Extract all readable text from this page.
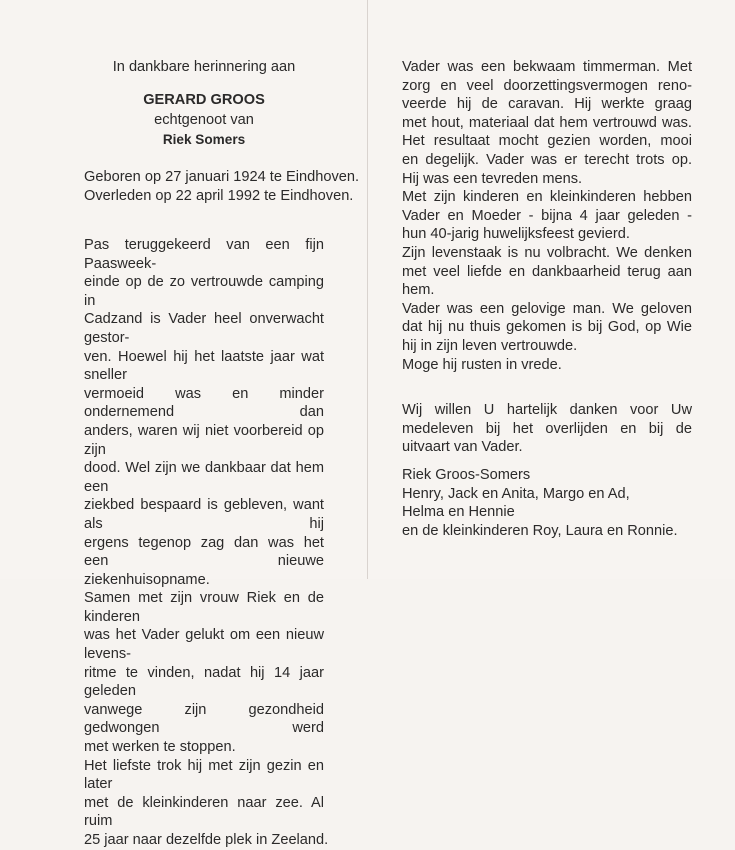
In dankbare herinnering aan
GERARD GROOS
echtgenoot van
Riek Somers
Geboren op 27 januari 1924 te Eindhoven.
Overleden op 22 april 1992 te Eindhoven.
Pas teruggekeerd van een fijn Paasweek-
einde op de zo vertrouwde camping in
Cadzand is Vader heel onverwacht gestor-
ven. Hoewel hij het laatste jaar wat sneller
vermoeid was en minder ondernemend dan
anders, waren wij niet voorbereid op zijn
dood. Wel zijn we dankbaar dat hem een
ziekbed bespaard is gebleven, want als hij
ergens tegenop zag dan was het een nieuwe
ziekenhuisopname.
Samen met zijn vrouw Riek en de kinderen
was het Vader gelukt om een nieuw levens-
ritme te vinden, nadat hij 14 jaar geleden
vanwege zijn gezondheid gedwongen werd
met werken te stoppen.
Het liefste trok hij met zijn gezin en later
met de kleinkinderen naar zee. Al ruim
25 jaar naar dezelfde plek in Zeeland.
Vader was een bekwaam timmerman. Met
zorg en veel doorzettingsvermogen reno-
veerde hij de caravan. Hij werkte graag
met hout, materiaal dat hem vertrouwd was.
Het resultaat mocht gezien worden, mooi
en degelijk. Vader was er terecht trots op.
Hij was een tevreden mens.
Met zijn kinderen en kleinkinderen hebben
Vader en Moeder - bijna 4 jaar geleden -
hun 40-jarig huwelijksfeest gevierd.
Zijn levenstaak is nu volbracht. We denken
met veel liefde en dankbaarheid terug aan
hem.
Vader was een gelovige man. We geloven
dat hij nu thuis gekomen is bij God, op Wie
hij in zijn leven vertrouwde.
Moge hij rusten in vrede.
Wij willen U hartelijk danken voor Uw
medeleven bij het overlijden en bij de
uitvaart van Vader.
Riek Groos-Somers
Henry, Jack en Anita, Margo en Ad,
Helma en Hennie
en de kleinkinderen Roy, Laura en Ronnie.
